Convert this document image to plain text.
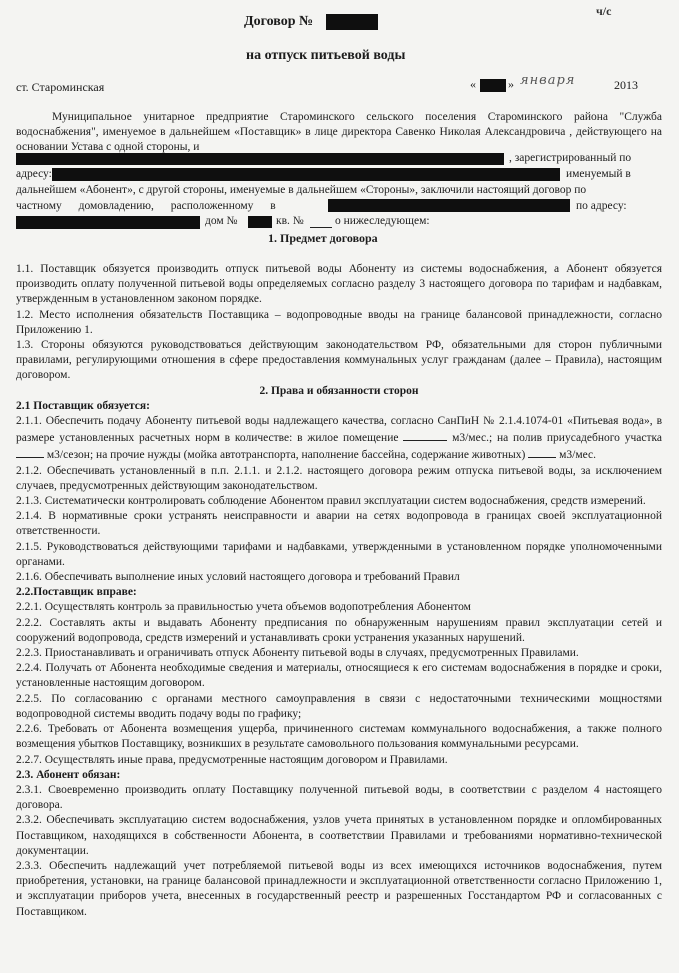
ч/с
Договор №
на отпуск питьевой воды
ст. Староминская	«	» января	2013
Муниципальное унитарное предприятие Староминского сельского поселения Староминского района "Служба водоснабжения", именуемое в дальнейшем «Поставщик» в лице директора Савенко Николая Александровича , действующего на основании Устава с одной стороны, и
, зарегистрированный по
адресу:	именуемый в
дальнейшем «Абонент», с другой стороны, именуемые в дальнейшем «Стороны», заключили настоящий договор по
частному домовладению, расположенному в	по адресу:
дом №	кв. №	о нижеследующем:
1. Предмет договора

1.1. Поставщик обязуется производить отпуск питьевой воды Абоненту из системы водоснабжения, а Абонент обязуется производить оплату полученной питьевой воды определяемых согласно разделу 3 настоящего договора по тарифам и надбавкам, утвержденным в установленном законом порядке.

1.2. Место исполнения обязательств Поставщика – водопроводные вводы на границе балансовой принадлежности, согласно Приложению 1.

1.3. Стороны обязуются руководствоваться действующим законодательством РФ, обязательными для сторон публичными правилами, регулирующими отношения в сфере предоставления коммунальных услуг гражданам (далее – Правила), настоящим договором.

2. Права и обязанности сторон

2.1 Поставщик обязуется:

2.1.1. Обеспечить подачу Абоненту питьевой воды надлежащего качества, согласно СанПиН № 2.1.4.1074-01 «Питьевая вода», в размере установленных расчетных норм в количестве: в жилое помещение	м3/мес.; на полив приусадебного участка  м3/сезон; на прочие нужды (мойка автотранспорта, наполнение бассейна, содержание животных)	м3/мес.

2.1.2. Обеспечивать установленный в п.п. 2.1.1. и 2.1.2. настоящего договора режим отпуска питьевой воды, за исключением случаев, предусмотренных действующим законодательством.

2.1.3. Систематически контролировать соблюдение Абонентом правил эксплуатации систем водоснабжения, средств измерений.

2.1.4. В нормативные сроки устранять неисправности и аварии на сетях водопровода в границах своей эксплуатационной ответственности.

2.1.5. Руководствоваться действующими тарифами и надбавками, утвержденными в установленном порядке уполномоченными органами.

2.1.6. Обеспечивать выполнение иных условий настоящего договора и требований Правил

2.2.Поставщик вправе:

2.2.1. Осуществлять контроль за правильностью учета объемов водопотребления Абонентом

2.2.2. Составлять акты и выдавать Абоненту предписания по обнаруженным нарушениям правил эксплуатации сетей и сооружений водопровода, средств измерений и устанавливать сроки устранения указанных нарушений.

2.2.3. Приостанавливать и ограничивать отпуск Абоненту питьевой воды в случаях, предусмотренных Правилами.

2.2.4. Получать от Абонента необходимые сведения и материалы, относящиеся к его системам водоснабжения в порядке и сроки, установленные настоящим договором.

2.2.5. По согласованию с органами местного самоуправления в связи с недостаточными техническими мощностями водопроводной системы вводить подачу воды по графику;

2.2.6. Требовать от Абонента возмещения ущерба, причиненного системам коммунального водоснабжения, а также полного возмещения убытков Поставщику, возникших в результате самовольного пользования коммунальными ресурсами.

2.2.7. Осуществлять иные права, предусмотренные настоящим договором и Правилами.

2.3. Абонент обязан:

2.3.1. Своевременно производить оплату Поставщику полученной питьевой воды, в соответствии с разделом 4 настоящего договора.

2.3.2. Обеспечивать эксплуатацию систем водоснабжения, узлов учета принятых в установленном порядке и опломбированных Поставщиком, находящихся в собственности Абонента, в соответствии Правилами и требованиями нормативно-технической документации.

2.3.3. Обеспечить надлежащий учет потребляемой питьевой воды из всех имеющихся источников водоснабжения, путем приобретения, установки, на границе балансовой принадлежности и эксплуатационной ответственности согласно Приложению 1, и эксплуатации приборов учета, внесенных в государственный реестр и разрешенных Госстандартом РФ и согласованных с Поставщиком.
